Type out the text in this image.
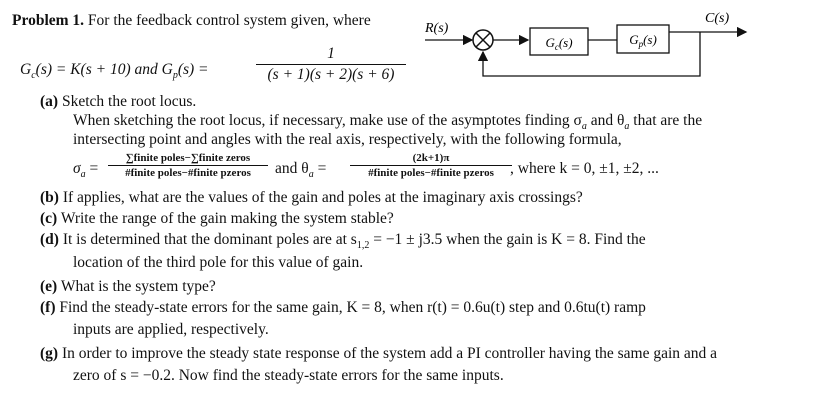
Problem 1. For the feedback control system given, where
$G_c(s) = K(s + 10)$ and $G_p(s)$ =
1
(s + 1)(s + 2)(s + 6)
R(s)
$G_c(s)$	$G_p(s)$
C(s)
(a) Sketch the root locus.
When sketching the root locus, if necessary, make use of the asymptotes finding $\sigma_a$ and $\theta_a$ that are the
intersecting point and angles with the real axis, respectively, with the following formula,
$\sigma_a$ =
∑finite poles−∑finite zeros
#finite poles−#finite pzeros	and $\theta_a$ =
(2k+1)π
#finite poles−#finite pzeros	, where k = 0, ±1, ±2, ...
(b) If applies, what are the values of the gain and poles at the imaginary axis crossings?
(c) Write the range of the gain making the system stable?
(d) It is determined that the dominant poles are at $s_{1,2} = -1 \pm j3.5$ when the gain is K = 8. Find the
location of the third pole for this value of gain.
(e) What is the system type?
(f) Find the steady-state errors for the same gain, K = 8, when r(t) = 0.6u(t) step and 0.6tu(t) ramp
inputs are applied, respectively.
(g) In order to improve the steady state response of the system add a PI controller having the same gain and a
zero of s = −0.2. Now find the steady-state errors for the same inputs.
